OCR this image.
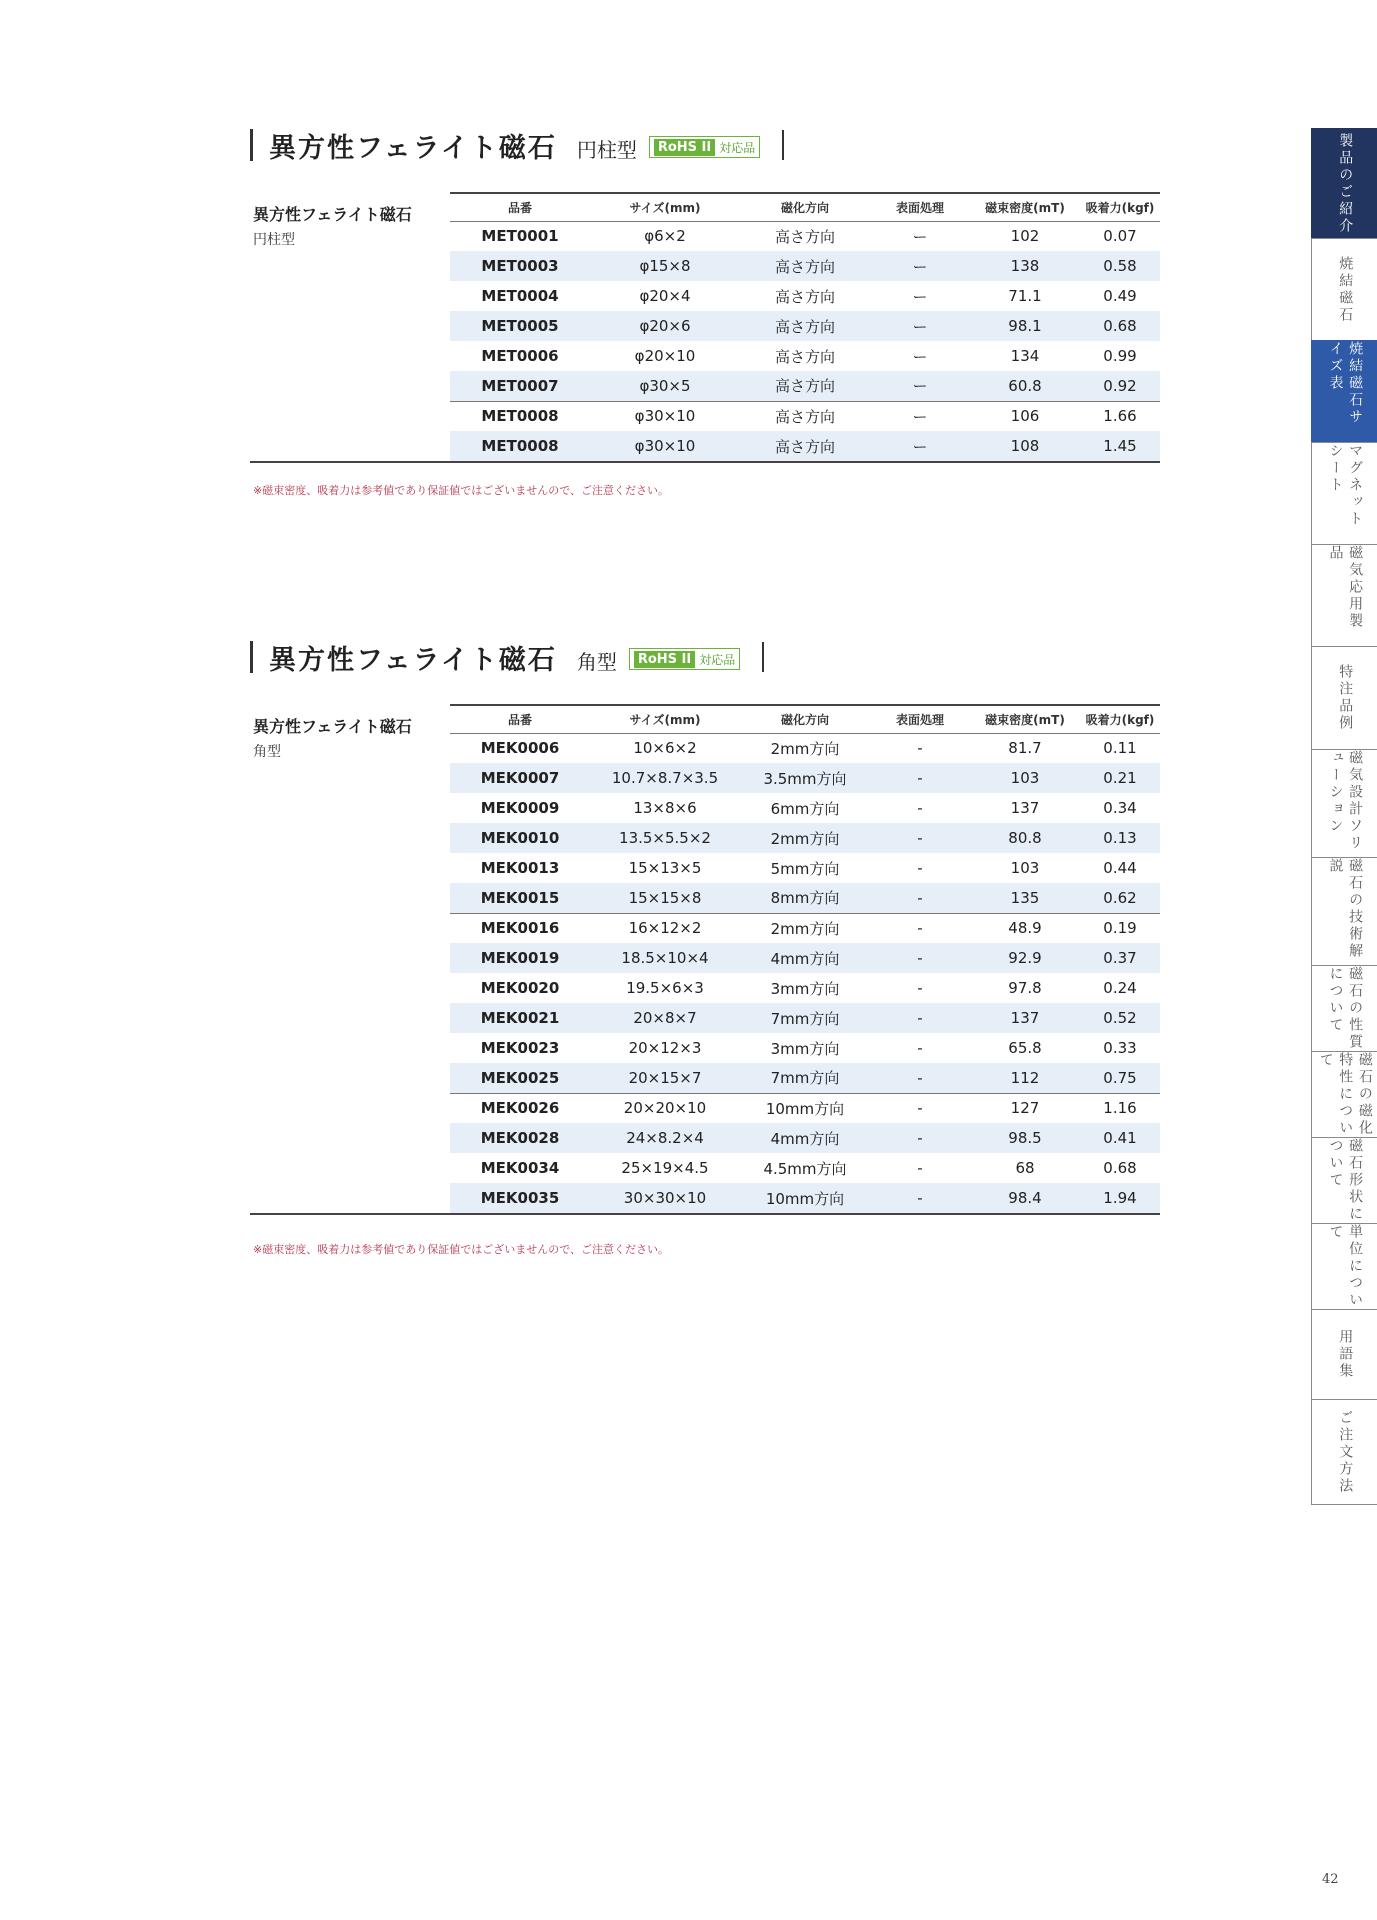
異方性フェライト磁石 円柱型	RoHS II 対応品
異方性フェライト磁石
円柱型
品番	サイズ(mm)	磁化方向	表面処理	磁束密度(mT)	吸着力(kgf)
MET0001	φ6×2	高さ方向	ー	102	0.07
MET0003	φ15×8	高さ方向	ー	138	0.58
MET0004	φ20×4	高さ方向	ー	71.1	0.49
MET0005	φ20×6	高さ方向	ー	98.1	0.68
MET0006	φ20×10	高さ方向	ー	134	0.99
MET0007	φ30×5	高さ方向	ー	60.8	0.92
MET0008	φ30×10	高さ方向	ー	106	1.66
MET0008	φ30×10	高さ方向	ー	108	1.45
※磁束密度、吸着力は参考値であり保証値ではございませんので、ご注意ください。
異方性フェライト磁石 角型	RoHS II 対応品
異方性フェライト磁石
角型
品番	サイズ(mm)	磁化方向	表面処理	磁束密度(mT)	吸着力(kgf)
MEK0006	10×6×2	2mm方向	-	81.7	0.11
MEK0007	10.7×8.7×3.5	3.5mm方向	-	103	0.21
MEK0009	13×8×6	6mm方向	-	137	0.34
MEK0010	13.5×5.5×2	2mm方向	-	80.8	0.13
MEK0013	15×13×5	5mm方向	-	103	0.44
MEK0015	15×15×8	8mm方向	-	135	0.62
MEK0016	16×12×2	2mm方向	-	48.9	0.19
MEK0019	18.5×10×4	4mm方向	-	92.9	0.37
MEK0020	19.5×6×3	3mm方向	-	97.8	0.24
MEK0021	20×8×7	7mm方向	-	137	0.52
MEK0023	20×12×3	3mm方向	-	65.8	0.33
MEK0025	20×15×7	7mm方向	-	112	0.75
MEK0026	20×20×10	10mm方向	-	127	1.16
MEK0028	24×8.2×4	4mm方向	-	98.5	0.41
MEK0034	25×19×4.5	4.5mm方向	-	68	0.68
MEK0035	30×30×10	10mm方向	-	98.4	1.94
※磁束密度、吸着力は参考値であり保証値ではございませんので、ご注意ください。
製品のご紹介
焼結磁石
焼結磁石サイズ表
マグネットシート
磁気応用製品
特注品例
磁気設計ソリューション
磁石の技術解説
磁石の性質について
磁石の磁化特性について
磁石形状について
単位について
用語集
ご注文方法
42
